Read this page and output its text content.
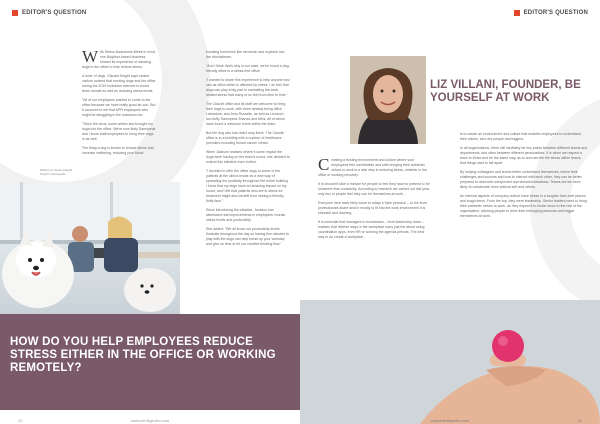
EDITOR'S QUESTION
W ith Stress Awareness Week in mind, one Brighton-based business shared its experience of allowing dogs in the office to help reduce stress.

A lover of dogs, Claudia Knight says canine visitors noticed that working dogs and the office during the 2019 lockdown seemed to boost team morale as well as reducing stress levels.

"All of our employees wanted to come to the office because we have really good air-con. But it occurred to me that APR employees who might be struggling in the lockdown too.

"Since the virus, some weeks and brought my dogs into the office. We're now fluffy Samoyeds and I know staff employees to bring their dogs in as well.

The thing a dog is known to reduce stress and increase wellbeing, reducing your blood

boosting hormones like serotonin and oxytocin into the bloodstream.

"And I think that's why in our case, we've found a dog-friendly office is a stress-free office.

"I wanted to share this experience to help anyone who can as office which is affected by stress. I do feel that dogs can play a big part in combating the work-related stress that many of us feel from time to time."

The Claudit office and its staff are welcome to bring their dogs to work, with three already being office Labradors; and Jess Russells, as well as Leodoch two fluffy Samoyeds Shanza and Mimi, all of whom have found a welcome home within the team.

But the dog also has didn't stop there. The Claudit office is in a building with a number of healthcare providers including breast cancer clinics.

When Jackson realised where it came impact the dogs were having on the team's mood, she decided to extend this initiative even further.

"I decided to offer the office dogs to some of the patients at the clinics inside as a new way of spreading the positivity throughout the entire building. I know that my dogs have an amazing impact on my mood, and I felt that patients who are in stress for treatment might also benefit from seeing a friendly fluffy face."

Since introducing the initiative, Jackson has witnessed real improvements in employees' morale, stress levels and productivity.

She added: "We all know our productivity levels fluctuate throughout the day so having five minutes to play with the dogs can help break up your workday and give us time to let our creative thinking flow."

Bottles on desks Claudit Knight's Samoyeds
HOW DO YOU HELP EMPLOYEES REDUCE STRESS EITHER IN THE OFFICE OR WORKING REMOTELY?
20	www.intelligenthr.com
EDITOR'S QUESTION
LIZ VILLANI, FOUNDER, BE YOURSELF AT WORK
C reating a trusting environment and culture where your employees feel comfortable and safe bringing their authentic selves to work is a vital step in reducing stress, whether in the office or working remotely.

It is shouldn't take a miracle for people to feel they have to pretend to be someone else constantly. According to research we carried out last year, only two of people feel they can be themselves at work.

Everyone here have fairly loose to adapt a 'fake persona' – to the level professionals share and/or mostly to fit into the work environment it is stressful and draining.

It is essential that managers in businesses – from leadership down – realises that diverse ways in the workplace carry just the about using coordination apps, from HR or working the agenda periods. The best way to do create a workplace

is to create an environment and culture that enables employees to understand their values, who are people and triggers.

In all organisations, there will inevitably be key points between different teams and departments, and often between different personalities. It is when we respect a team to thrive and be the same way, as to and use the the stress within teams, that things start to fall apart.

By helping colleagues and teams better understand themselves, where their challenges and sources and how to interact with each other, they can be better prepared to deal with unexpected and stressful situations. Teams are far more likely to collaborate more without self and others.

An internal aspects of company culture have stress in a tougher-than-ever places and tough times. From the top, they were leadership. Senior leaders need to bring their authentic selves to work, as they expect it to trickle down to the rest of the organisation, allowing people to drive their belonging personas and trigger themselves at work.

www.intelligenthr.com	21
